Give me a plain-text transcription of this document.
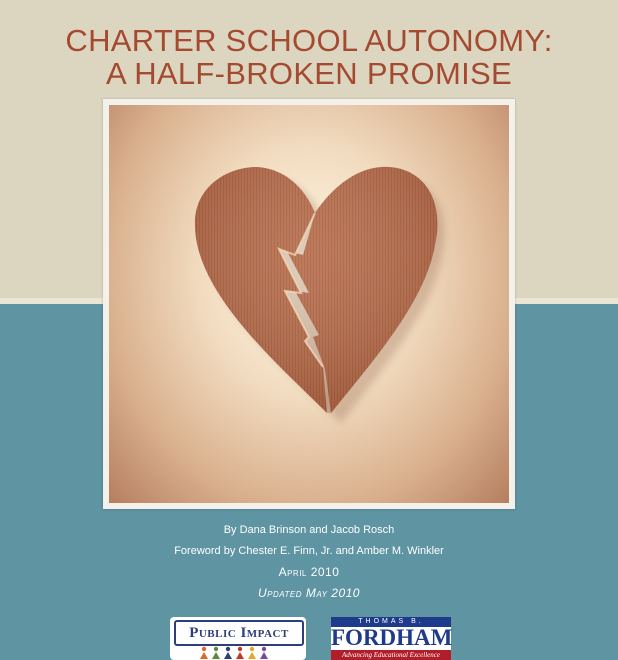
CHARTER SCHOOL AUTONOMY:
A HALF-BROKEN PROMISE
By Dana Brinson and Jacob Rosch
Foreword by Chester E. Finn, Jr. and Amber M. Winkler
April 2010
Updated May 2010
Public Impact
THOMAS B.
FORDHAM
Advancing Educational Excellence
